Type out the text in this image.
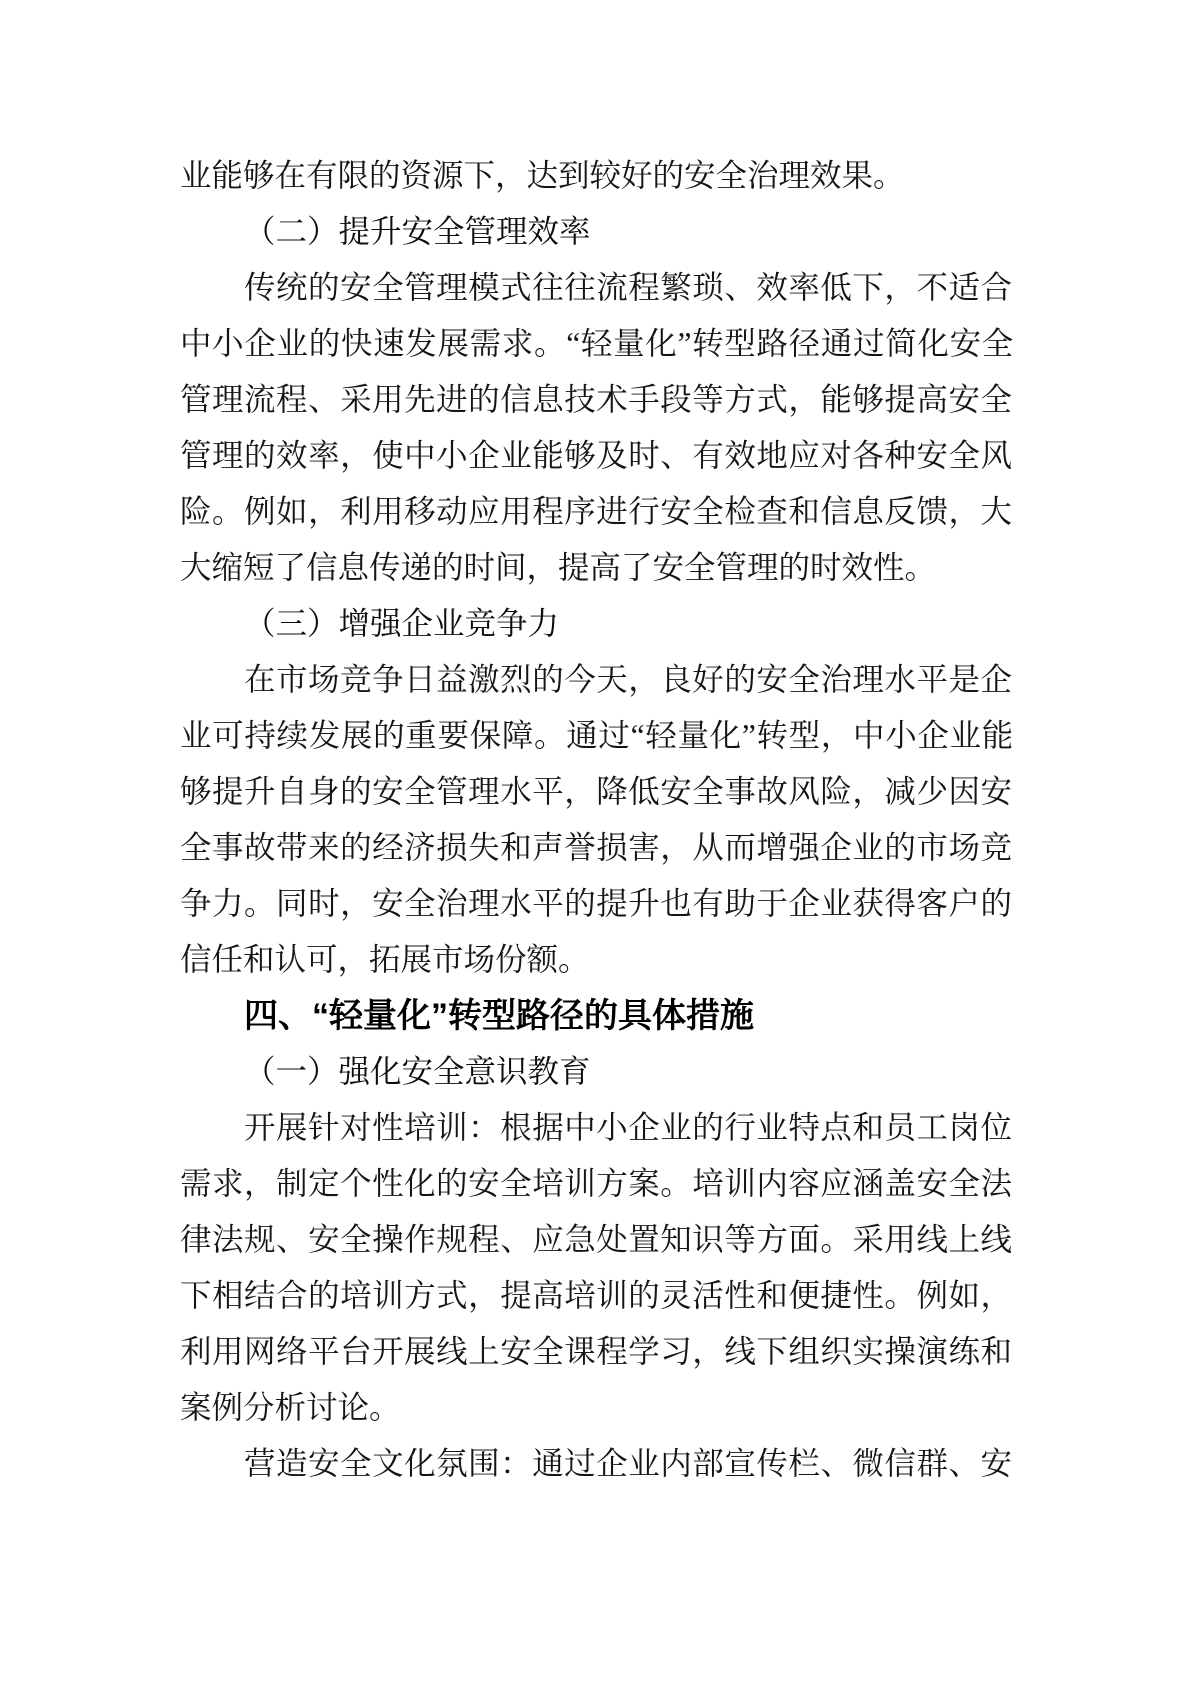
业能够在有限的资源下，达到较好的安全治理效果。
（二）提升安全管理效率
传统的安全管理模式往往流程繁琐、效率低下，不适合
中小企业的快速发展需求。“轻量化”转型路径通过简化安全
管理流程、采用先进的信息技术手段等方式，能够提高安全
管理的效率，使中小企业能够及时、有效地应对各种安全风
险。例如，利用移动应用程序进行安全检查和信息反馈，大
大缩短了信息传递的时间，提高了安全管理的时效性。
（三）增强企业竞争力
在市场竞争日益激烈的今天，良好的安全治理水平是企
业可持续发展的重要保障。通过“轻量化”转型，中小企业能
够提升自身的安全管理水平，降低安全事故风险，减少因安
全事故带来的经济损失和声誉损害，从而增强企业的市场竞
争力。同时，安全治理水平的提升也有助于企业获得客户的
信任和认可，拓展市场份额。
四、“轻量化”转型路径的具体措施
（一）强化安全意识教育
开展针对性培训：根据中小企业的行业特点和员工岗位
需求，制定个性化的安全培训方案。培训内容应涵盖安全法
律法规、安全操作规程、应急处置知识等方面。采用线上线
下相结合的培训方式，提高培训的灵活性和便捷性。例如，
利用网络平台开展线上安全课程学习，线下组织实操演练和
案例分析讨论。
营造安全文化氛围：通过企业内部宣传栏、微信群、安
